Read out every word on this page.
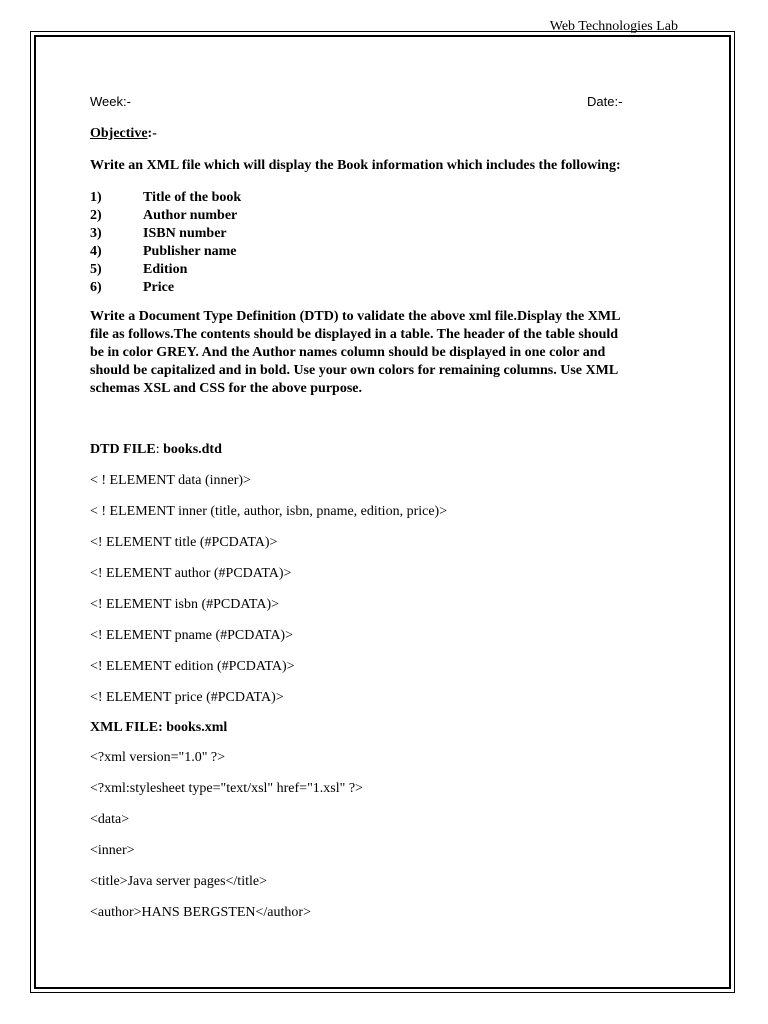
Web Technologies Lab
Week:-	Date:-
Objective:-
Write an XML file which will display the Book information which includes the following:
1)	Title of the book
2)	Author number
3)	ISBN number
4)	Publisher name
5)	Edition
6)	Price

Write a Document Type Definition (DTD) to validate the above xml file.Display the XML

file as follows.The contents should be displayed in a table. The header of the table should

be in color GREY. And the Author names column should be displayed in one color and

should be capitalized and in bold. Use your own colors for remaining columns. Use XML

schemas XSL and CSS for the above purpose.

DTD FILE: books.dtd
< ! ELEMENT data (inner)>
< ! ELEMENT inner (title, author, isbn, pname, edition, price)>
<! ELEMENT title (#PCDATA)>
<! ELEMENT author (#PCDATA)>
<! ELEMENT isbn (#PCDATA)>
<! ELEMENT pname (#PCDATA)>
<! ELEMENT edition (#PCDATA)>
<! ELEMENT price (#PCDATA)>
XML FILE: books.xml
<?xml version="1.0" ?>
<?xml:stylesheet type="text/xsl" href="1.xsl" ?>
<data>
<inner>
<title>Java server pages</title>
<author>HANS BERGSTEN</author>
